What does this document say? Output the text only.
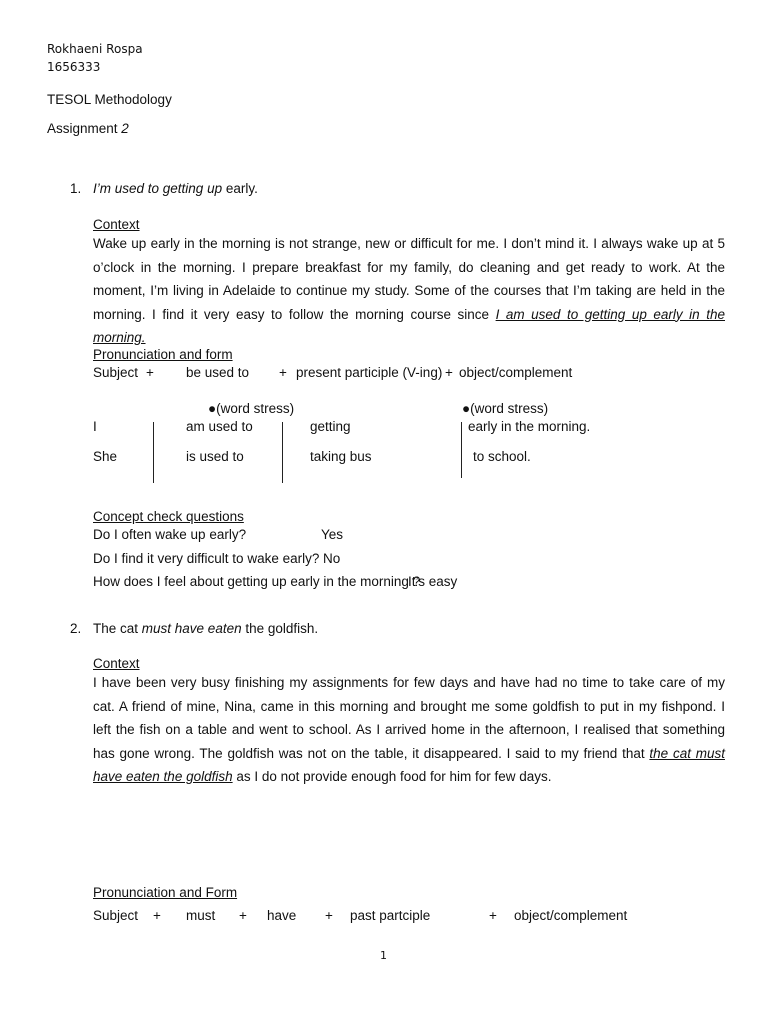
Rokhaeni Rospa
1656333
TESOL Methodology
Assignment 2
1. I’m used to getting up early.
Context
Wake up early in the morning is not strange, new or difficult for me. I don’t mind it. I always wake up at 5 o’clock in the morning. I prepare breakfast for my family, do cleaning and get ready to work. At the moment, I’m living in Adelaide to continue my study. Some of the courses that I’m taking are held in the morning. I find it very easy to follow the morning course since I am used to getting up early in the morning.
Pronunciation and form
Subject + be used to + present participle (V-ing) + object/complement
●(word stress)	●(word stress)
I	am used to	getting	early in the morning.
She	is used to	taking bus	to school.
Concept check questions
Do I often wake up early?	Yes
Do I find it very difficult to wake early? No
How does I feel about getting up early in the morning ?
It’s easy
2. The cat must have eaten the goldfish.
Context
I have been very busy finishing my assignments for few days and have had no time to take care of my cat. A friend of mine, Nina, came in this morning and brought me some goldfish to put in my fishpond. I left the fish on a table and went to school. As I arrived home in the afternoon, I realised that something has gone wrong. The goldfish was not on the table, it disappeared. I said to my friend that the cat must have eaten the goldfish as I do not provide enough food for him for few days.
Pronunciation and Form
Subject + must + have + past partciple	+ object/complement
1
